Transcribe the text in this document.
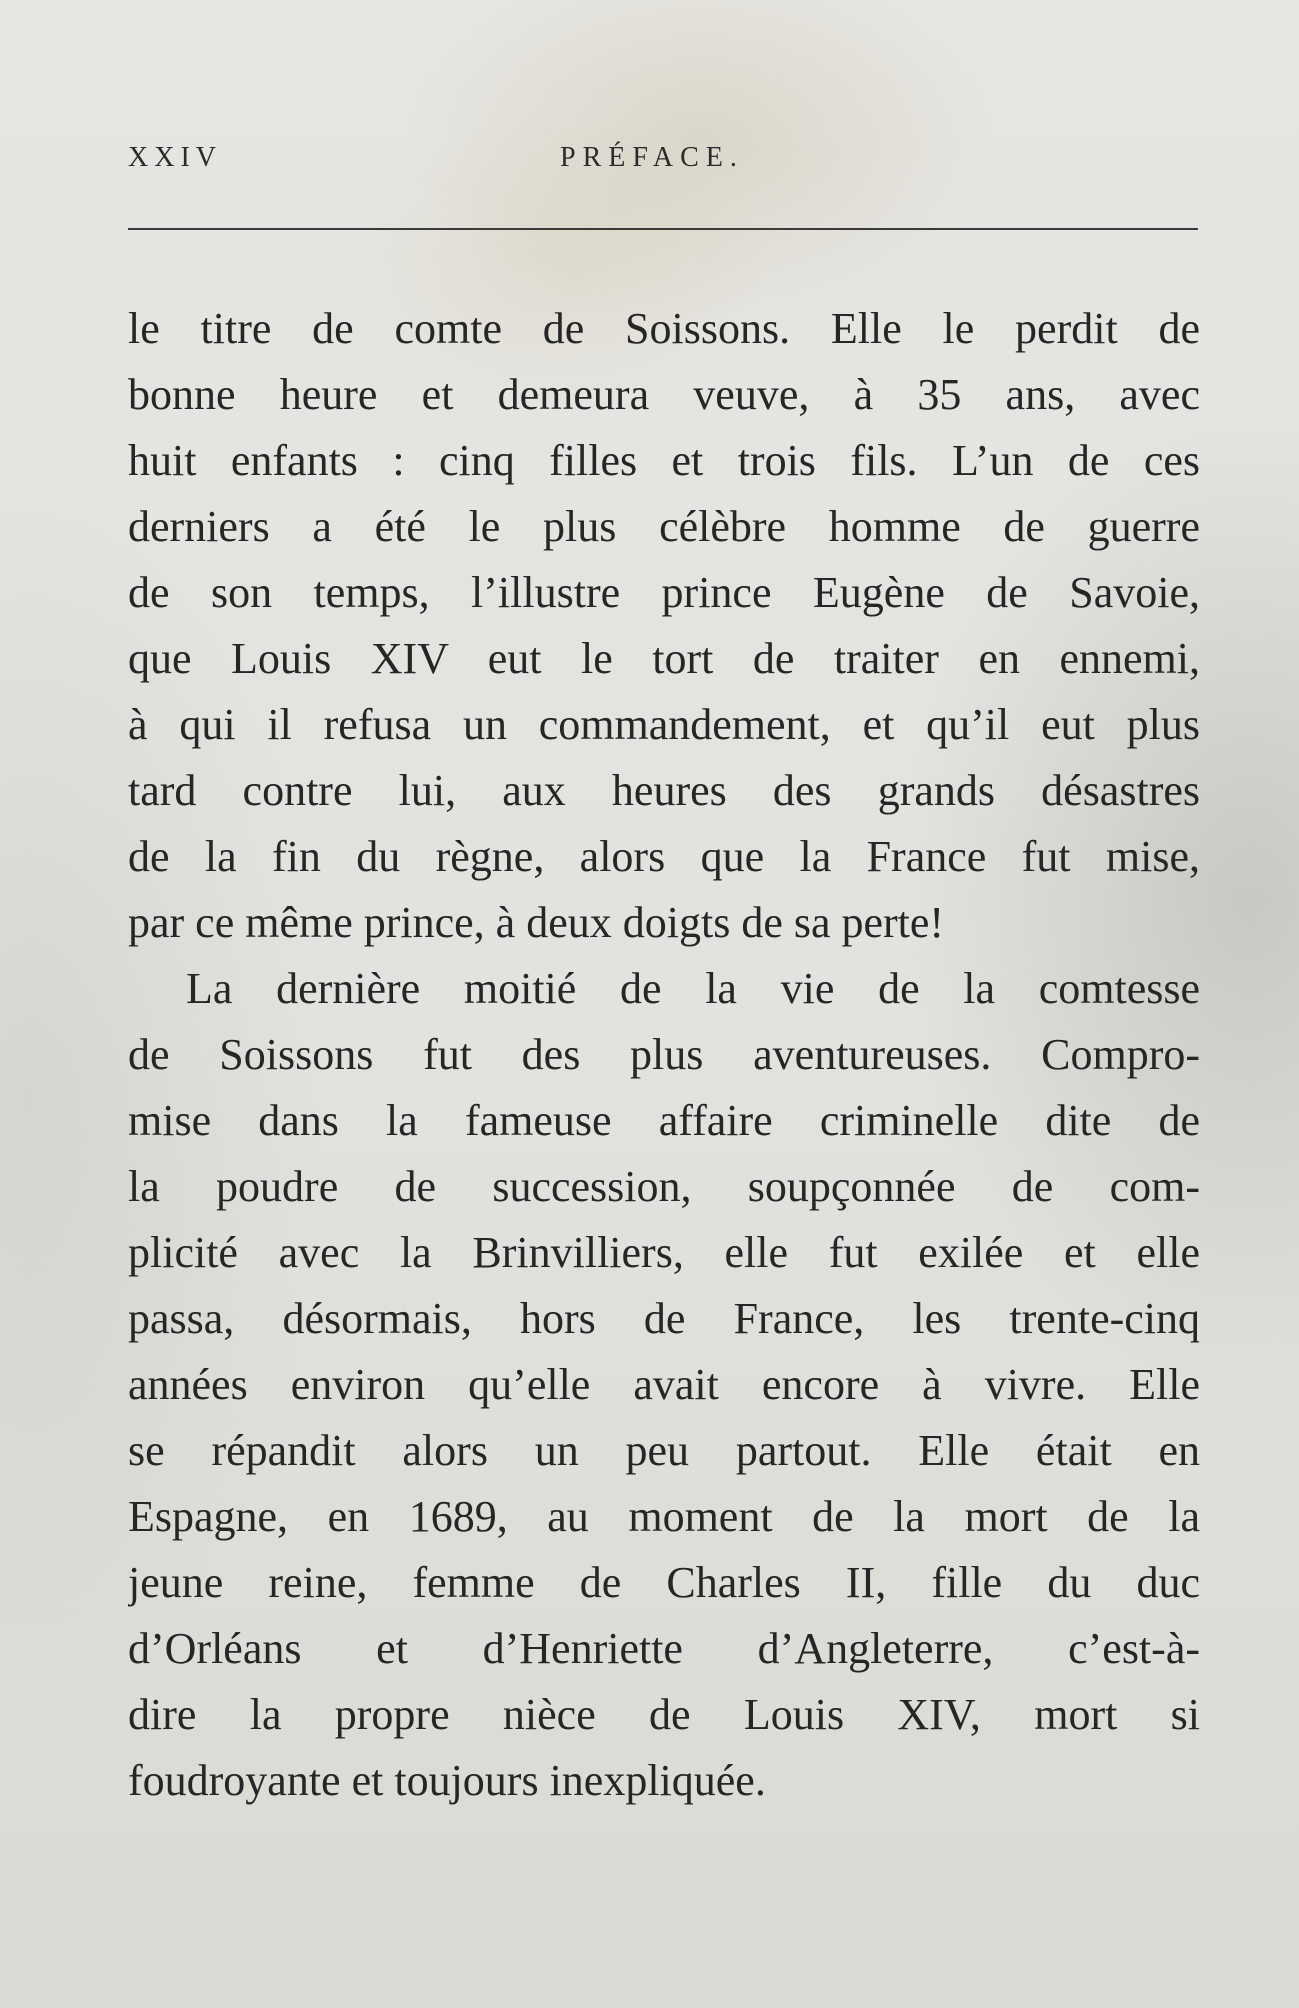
XXIV	PRÉFACE.
le titre de comte de Soissons. Elle le perdit de
bonne heure et demeura veuve, à 35 ans, avec
huit enfants : cinq filles et trois fils. L’un de ces
derniers a été le plus célèbre homme de guerre
de son temps, l’illustre prince Eugène de Savoie,
que Louis XIV eut le tort de traiter en ennemi,
à qui il refusa un commandement, et qu’il eut plus
tard contre lui, aux heures des grands désastres
de la fin du règne, alors que la France fut mise,
par ce même prince, à deux doigts de sa perte!
La dernière moitié de la vie de la comtesse
de Soissons fut des plus aventureuses. Compro-
mise dans la fameuse affaire criminelle dite de
la poudre de succession, soupçonnée de com-
plicité avec la Brinvilliers, elle fut exilée et elle
passa, désormais, hors de France, les trente-cinq
années environ qu’elle avait encore à vivre. Elle
se répandit alors un peu partout. Elle était en
Espagne, en 1689, au moment de la mort de la
jeune reine, femme de Charles II, fille du duc
d’Orléans et d’Henriette d’Angleterre, c’est-à-
dire la propre nièce de Louis XIV, mort si
foudroyante et toujours inexpliquée.
